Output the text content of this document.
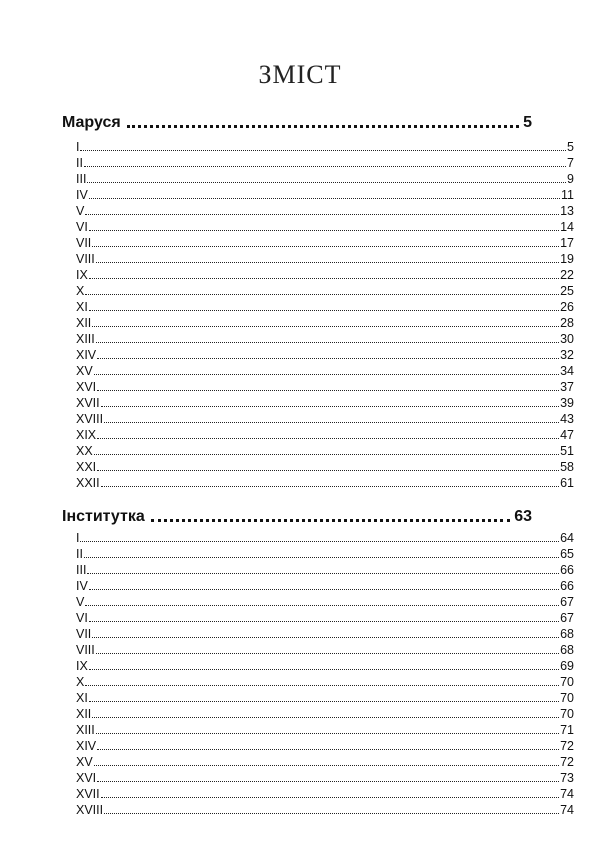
ЗМІСТ
Маруся	5
I	5
II	7
III	9
IV	11
V	13
VI	14
VII	17
VIII	19
IX	22
X	25
XI	26
XII	28
XIII	30
XIV	32
XV	34
XVI	37
XVII	39
XVIII	43
XIX	47
XX	51
XXI	58
XXII	61
Інститутка	63
I	64
II	65
III	66
IV	66
V	67
VI	67
VII	68
VIII	68
IX	69
X	70
XI	70
XII	70
XIII	71
XIV	72
XV	72
XVI	73
XVII	74
XVIII	74
